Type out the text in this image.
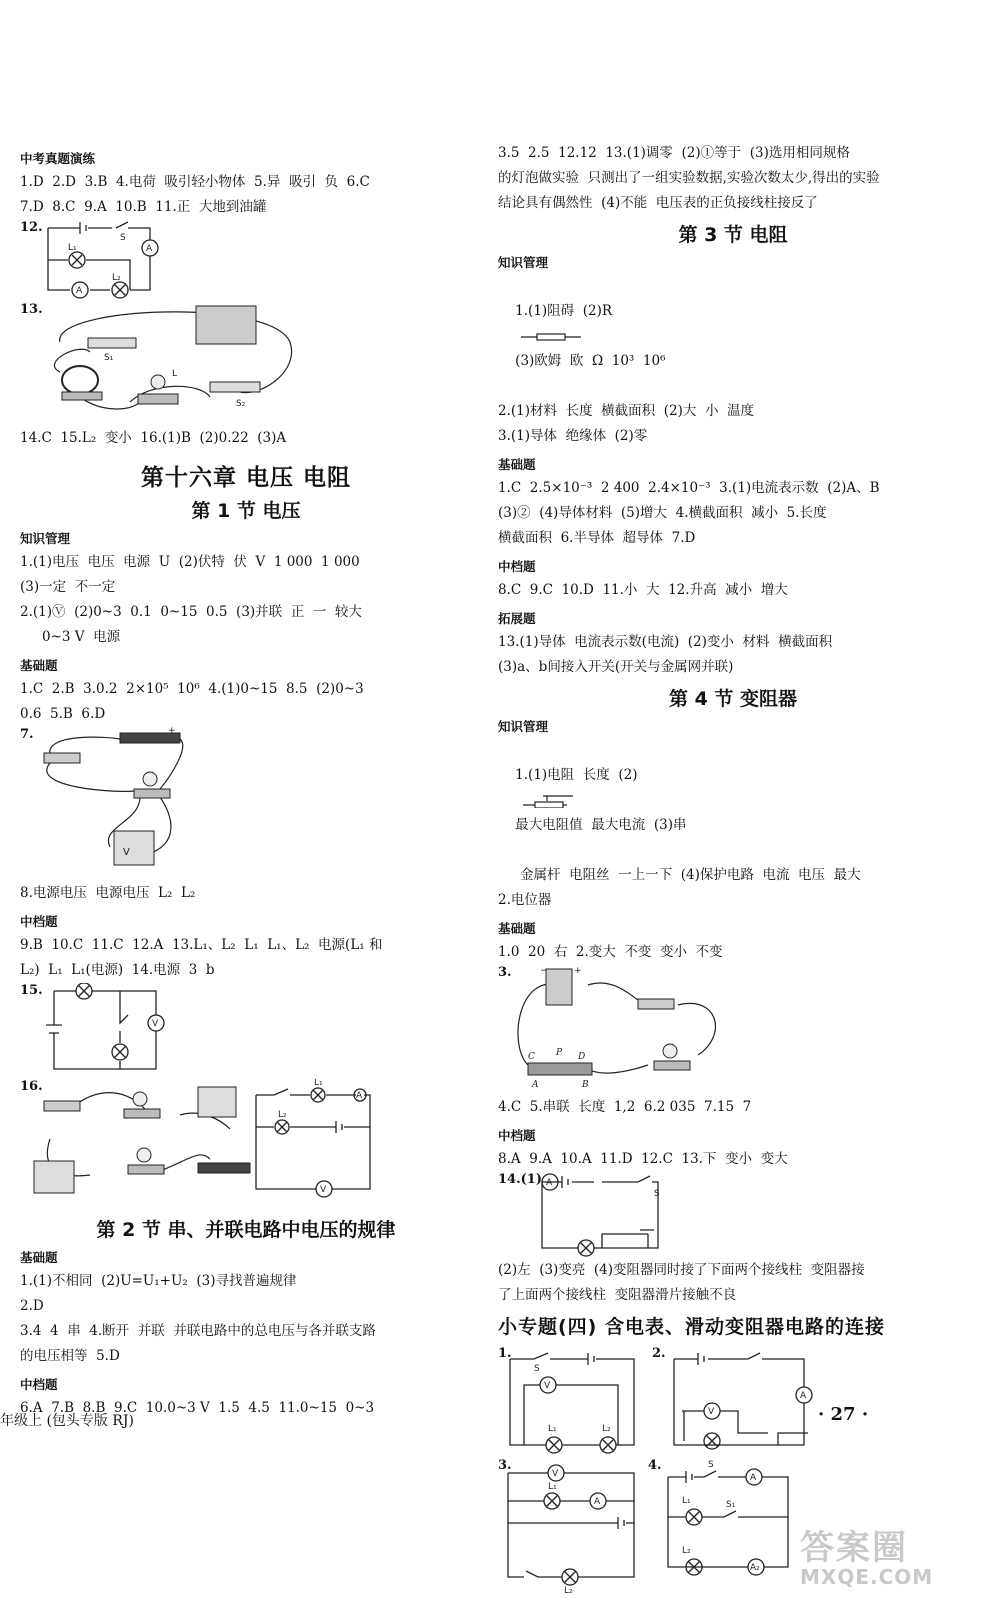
中考真题演练
1.D  2.D  3.B  4.电荷  吸引轻小物体  5.异  吸引  负  6.C
7.D  8.C  9.A  10.B  11.正  大地到油罐
12.
A
A
L₁
L₂
S
13.
S₁
L
S₂
14.C  15.L₂  变小  16.(1)B  (2)0.22  (3)A
第十六章 电压 电阻
第 1 节 电压
知识管理
1.(1)电压  电压  电源  U  (2)伏特  伏  V  1 000  1 000
(3)一定  不一定
2.(1)Ⓥ  (2)0~3  0.1  0~15  0.5  (3)并联  正  一  较大
0~3 V  电源
基础题
1.C  2.B  3.0.2  2×10⁵  10⁶  4.(1)0~15  8.5  (2)0~3
0.6  5.B  6.D
7.	+
V
8.电源电压  电源电压  L₂  L₂
中档题
9.B  10.C  11.C  12.A  13.L₁、L₂  L₁  L₁、L₂  电源(L₁ 和
L₂)  L₁  L₁(电源)  14.电源  3  b
15.
V
16.
A
V
L₁
L₂
第 2 节 串、并联电路中电压的规律
基础题
1.(1)不相同  (2)U=U₁+U₂  (3)寻找普遍规律
2.D
3.4  4  串  4.断开  并联  并联电路中的总电压与各并联支路
的电压相等  5.D
中档题
6.A  7.B  8.B  9.C  10.0~3 V  1.5  4.5  11.0~15  0~3
3.5  2.5  12.12  13.(1)调零  (2)①等于  (3)选用相同规格
的灯泡做实验  只测出了一组实验数据,实验次数太少,得出的实验
结论具有偶然性  (4)不能  电压表的正负接线柱接反了
第 3 节 电阻
知识管理

1.(1)阻碍  (2)R

(3)欧姆  欧  Ω  10³  10⁶

2.(1)材料  长度  横截面积  (2)大  小  温度
3.(1)导体  绝缘体  (2)零
基础题
1.C  2.5×10⁻³  2 400  2.4×10⁻³  3.(1)电流表示数  (2)A、B
(3)②  (4)导体材料  (5)增大  4.横截面积  减小  5.长度
横截面积  6.半导体  超导体  7.D
中档题
8.C  9.C  10.D  11.小  大  12.升高  减小  增大
拓展题
13.(1)导体  电流表示数(电流)  (2)变小  材料  横截面积
(3)a、b间接入开关(开关与金属网并联)
第 4 节 变阻器
知识管理

1.(1)电阻  长度  (2)

最大电阻值  最大电流  (3)串

金属杆  电阻丝  一上一下  (4)保护电路  电流  电压  最大
2.电位器
基础题
1.0  20  右  2.变大  不变  变小  不变
3.	−	+
C P D
A	B
4.C  5.串联  长度  1,2  6.2 035  7.15  7
中档题
8.A  9.A  10.A  11.D  12.C  13.下  变小  变大
14.(1) A
S
(2)左  (3)变亮  (4)变阻器同时接了下面两个接线柱  变阻器接
了上面两个接线柱  变阻器滑片接触不良
小专题(四) 含电表、滑动变阻器电路的连接
1.	2.
V
S
L₁	L₂
A
V
3.	4.
V
A
L₁
L₂
A
A₂
S
S₁
L₁
L₂
年级上 (包头专版 RJ)	· 27 ·
答案圈
MXQE.COM
